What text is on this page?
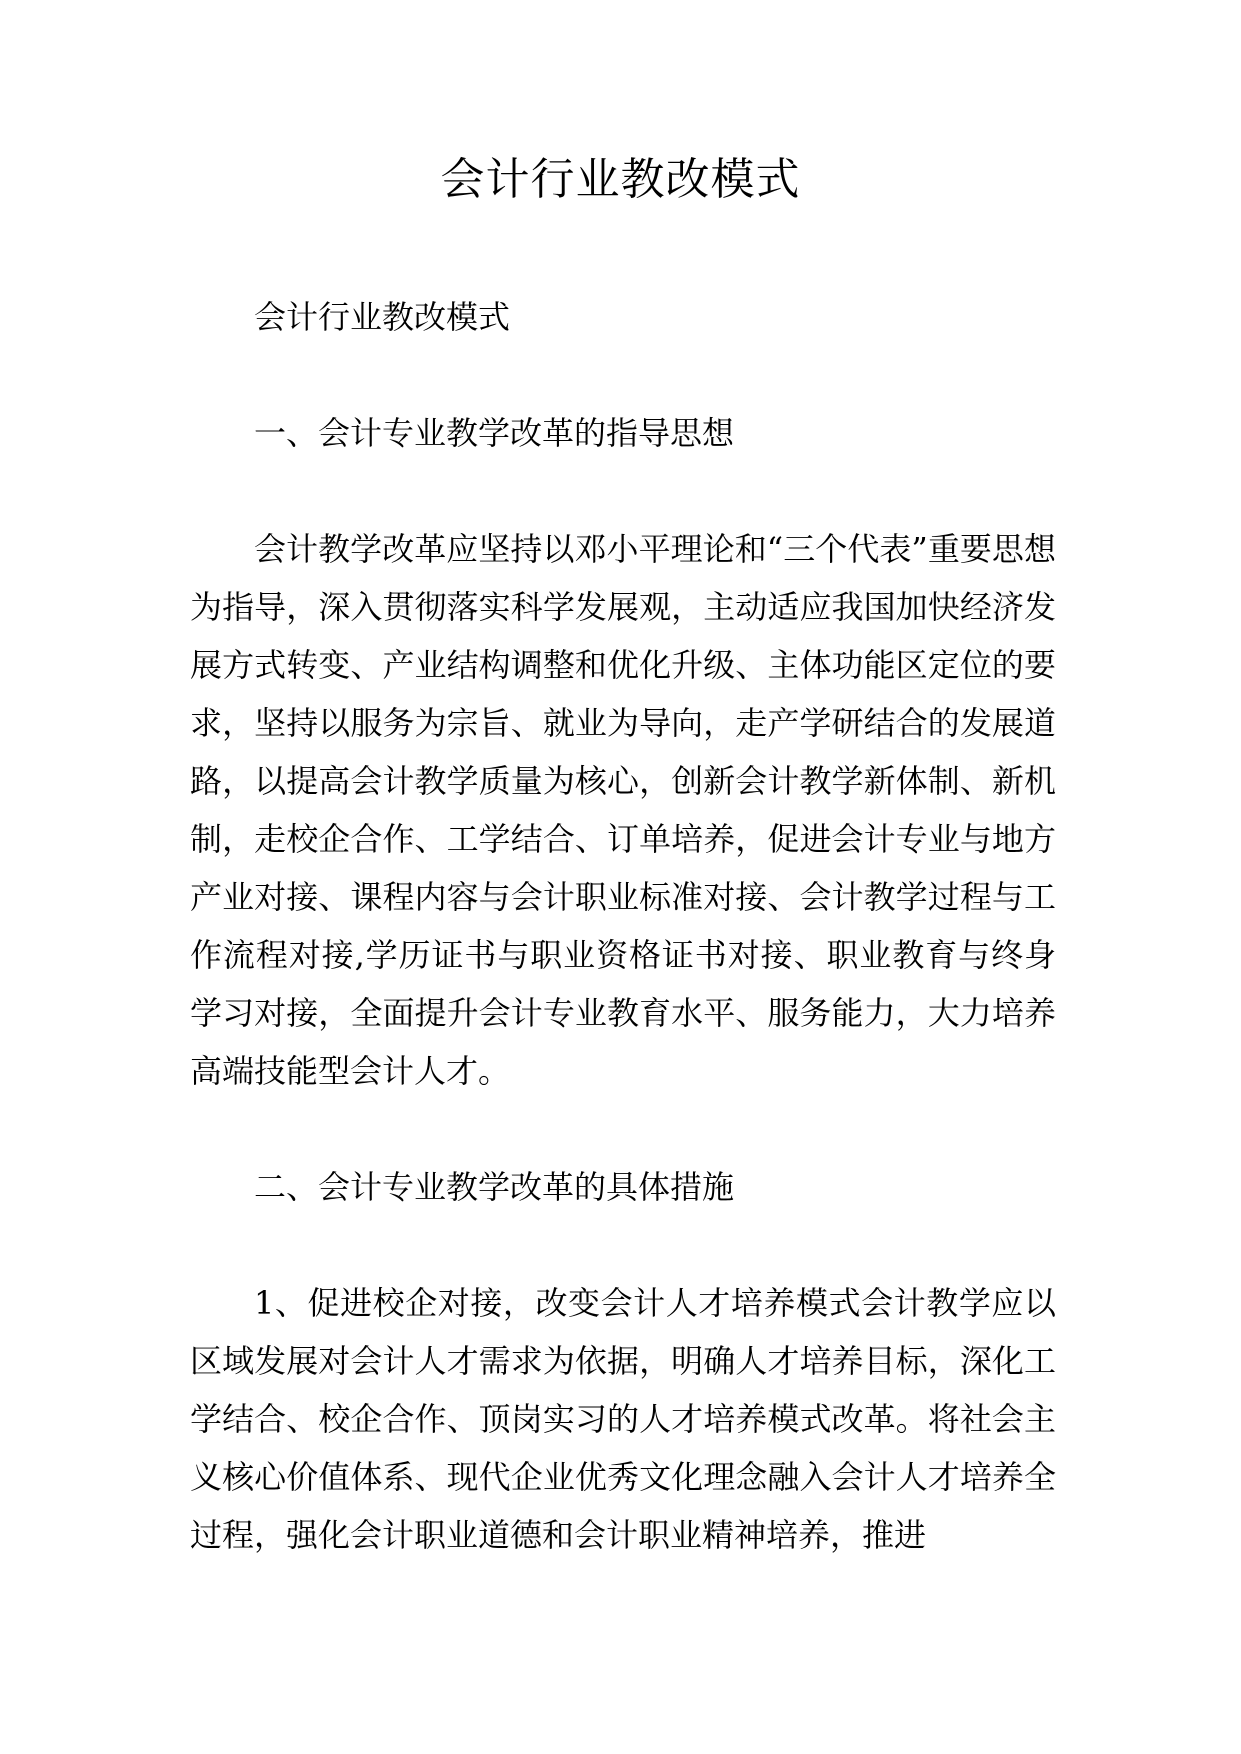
会计行业教改模式

会计行业教改模式

一、会计专业教学改革的指导思想

会计教学改革应坚持以邓小平理论和“三个代表”重要思想为指导，深入贯彻落实科学发展观，主动适应我国加快经济发展方式转变、产业结构调整和优化升级、主体功能区定位的要求，坚持以服务为宗旨、就业为导向，走产学研结合的发展道路，以提高会计教学质量为核心，创新会计教学新体制、新机制，走校企合作、工学结合、订单培养，促进会计专业与地方产业对接、课程内容与会计职业标准对接、会计教学过程与工作流程对接,学历证书与职业资格证书对接、职业教育与终身学习对接，全面提升会计专业教育水平、服务能力，大力培养高端技能型会计人才。

二、会计专业教学改革的具体措施

1、促进校企对接，改变会计人才培养模式会计教学应以区域发展对会计人才需求为依据，明确人才培养目标，深化工学结合、校企合作、顶岗实习的人才培养模式改革。将社会主义核心价值体系、现代企业优秀文化理念融入会计人才培养全过程，强化会计职业道德和会计职业精神培养，推进
